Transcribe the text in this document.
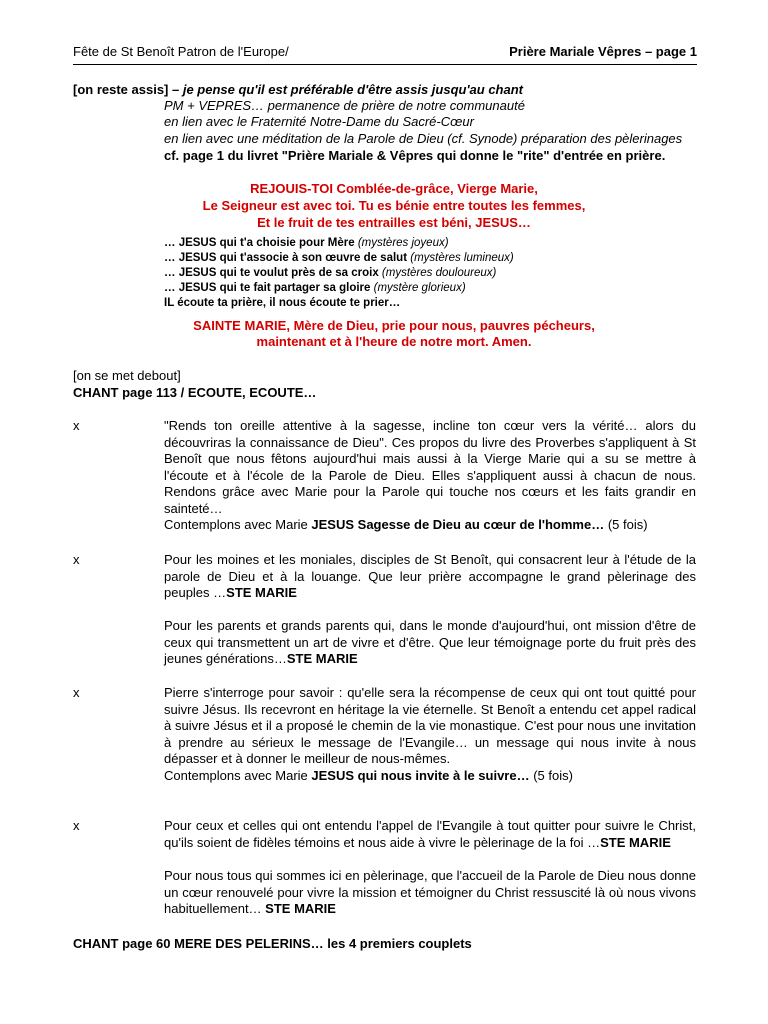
Fête de St Benoît Patron de l'Europe/	Prière Mariale Vêpres – page 1
[on reste assis] – je pense qu'il est préférable d'être assis jusqu'au chant
PM + VEPRES… permanence de prière de notre communauté
en lien avec le Fraternité Notre-Dame du Sacré-Cœur
en lien avec une méditation de la Parole de Dieu (cf. Synode) préparation des pèlerinages
cf. page 1 du livret "Prière Mariale & Vêpres qui donne le "rite" d'entrée en prière.
REJOUIS-TOI Comblée-de-grâce, Vierge Marie,
Le Seigneur est avec toi. Tu es bénie entre toutes les femmes,
Et le fruit de tes entrailles est béni, JESUS…
… JESUS qui t'a choisie pour Mère (mystères joyeux)
… JESUS qui t'associe à son œuvre de salut (mystères lumineux)
… JESUS qui te voulut près de sa croix (mystères douloureux)
… JESUS qui te fait partager sa gloire (mystère glorieux)
IL écoute ta prière, il nous écoute te prier…
SAINTE MARIE, Mère de Dieu, prie pour nous, pauvres pécheurs,
maintenant et à l'heure de notre mort. Amen.
[on se met debout]
CHANT page 113 / ECOUTE, ECOUTE…
x	"Rends ton oreille attentive à la sagesse, incline ton cœur vers la vérité… alors du découvriras la connaissance de Dieu". Ces propos du livre des Proverbes s'appliquent à St Benoît que nous fêtons aujourd'hui mais aussi à la Vierge Marie qui a su se mettre à l'écoute et à l'école de la Parole de Dieu. Elles s'appliquent aussi à chacun de nous. Rendons grâce avec Marie pour la Parole qui touche nos cœurs et les faits grandir en sainteté…
Contemplons avec Marie JESUS Sagesse de Dieu au cœur de l'homme… (5 fois)
x	Pour les moines et les moniales, disciples de St Benoît, qui consacrent leur à l'étude de la parole de Dieu et à la louange. Que leur prière accompagne le grand pèlerinage des peuples …STE MARIE
Pour les parents et grands parents qui, dans le monde d'aujourd'hui, ont mission d'être de ceux qui transmettent un art de vivre et d'être. Que leur témoignage porte du fruit près des jeunes générations…STE MARIE
x	Pierre s'interroge pour savoir : qu'elle sera la récompense de ceux qui ont tout quitté pour suivre Jésus. Ils recevront en héritage la vie éternelle. St Benoît a entendu cet appel radical à suivre Jésus et il a proposé le chemin de la vie monastique. C'est pour nous une invitation à prendre au sérieux le message de l'Evangile… un message qui nous invite à nous dépasser et à donner le meilleur de nous-mêmes.
Contemplons avec Marie JESUS qui nous invite à le suivre… (5 fois)
x	Pour ceux et celles qui ont entendu l'appel de l'Evangile à tout quitter pour suivre le Christ, qu'ils soient de fidèles témoins et nous aide à vivre le pèlerinage de la foi …STE MARIE
Pour nous tous qui sommes ici en pèlerinage, que l'accueil de la Parole de Dieu nous donne un cœur renouvelé pour vivre la mission et témoigner du Christ ressuscité là où nous vivons habituellement… STE MARIE
CHANT page 60 MERE DES PELERINS… les 4 premiers couplets
